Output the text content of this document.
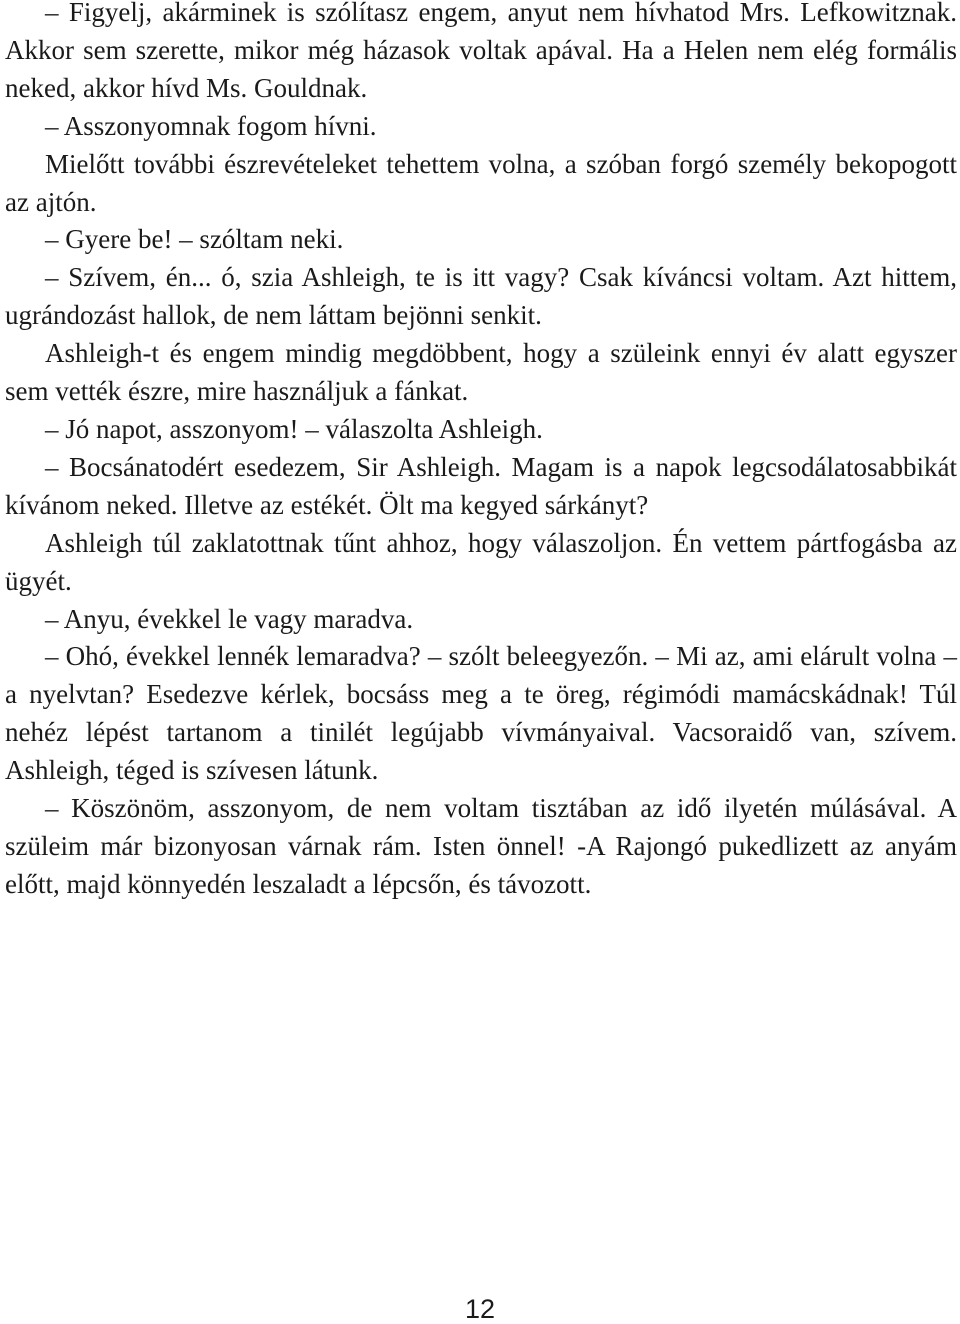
– Figyelj, akárminek is szólítasz engem, anyut nem hívhatod Mrs. Lefkowitznak. Akkor sem szerette, mikor még házasok voltak apával. Ha a Helen nem elég formális neked, akkor hívd Ms. Gouldnak.

– Asszonyomnak fogom hívni.

Mielőtt további észrevételeket tehettem volna, a szóban forgó személy bekopogott az ajtón.

– Gyere be! – szóltam neki.

– Szívem, én... ó, szia Ashleigh, te is itt vagy? Csak kíváncsi voltam. Azt hittem, ugrándozást hallok, de nem láttam bejönni senkit.

Ashleigh-t és engem mindig megdöbbent, hogy a szüleink ennyi év alatt egyszer sem vették észre, mire használjuk a fánkat.

– Jó napot, asszonyom! – válaszolta Ashleigh.

– Bocsánatodért esedezem, Sir Ashleigh. Magam is a napok legcsodálatosabbikát kívánom neked. Illetve az estékét. Ölt ma kegyed sárkányt?

Ashleigh túl zaklatottnak tűnt ahhoz, hogy válaszoljon. Én vettem pártfogásba az ügyét.

– Anyu, évekkel le vagy maradva.

– Ohó, évekkel lennék lemaradva? – szólt beleegyezőn. – Mi az, ami elárult volna – a nyelvtan? Esedezve kérlek, bocsáss meg a te öreg, régimódi mamácskádnak! Túl nehéz lépést tartanom a tinilét legújabb vívmányaival. Vacsoraidő van, szívem. Ashleigh, téged is szívesen látunk.

– Köszönöm, asszonyom, de nem voltam tisztában az idő ilyetén múlásával. A szüleim már bizonyosan várnak rám. Isten önnel! -A Rajongó pukedlizett az anyám előtt, majd könnyedén leszaladt a lépcsőn, és távozott.

12
